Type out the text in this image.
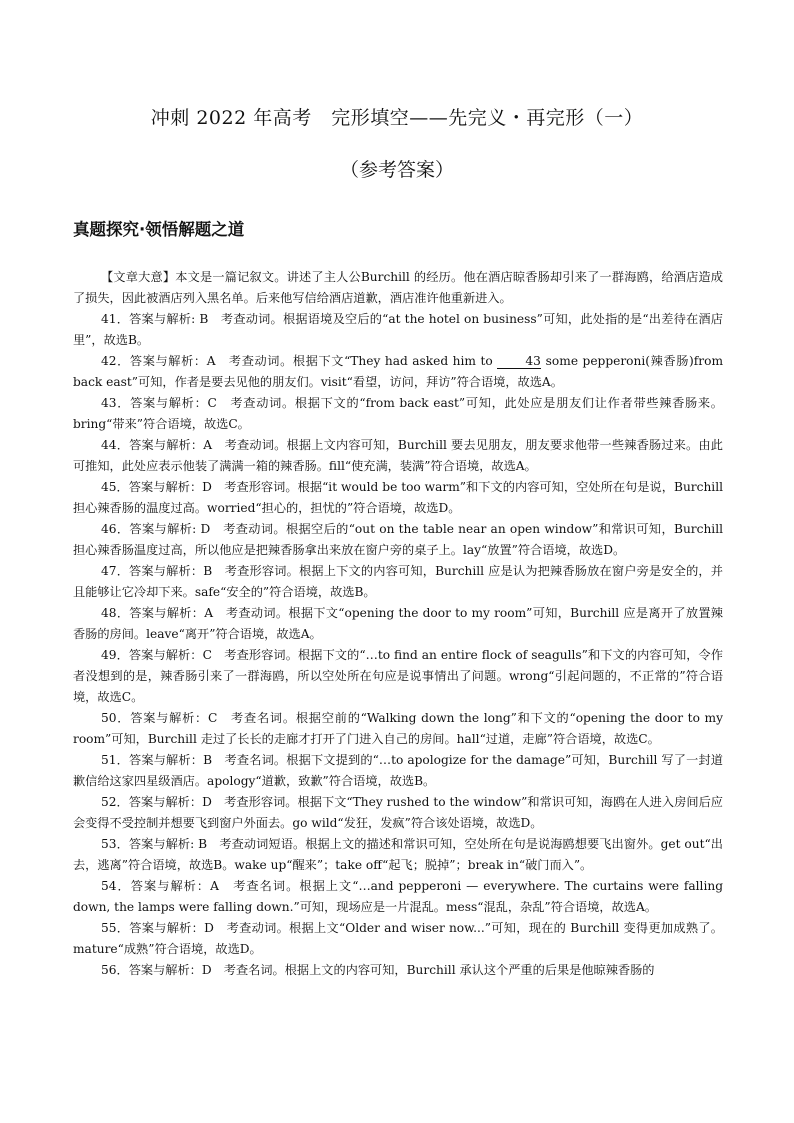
冲刺 2022 年高考　完形填空——先完义・再完形（一）
（参考答案）
真题探究·领悟解题之道

【文章大意】本文是一篇记叙文。讲述了主人公Burchill 的经历。他在酒店晾香肠却引来了一群海鸥，给酒店造成了损失，因此被酒店列入黑名单。后来他写信给酒店道歉，酒店准许他重新进入。

41．答案与解析: B　考查动词。根据语境及空后的“at the hotel on business”可知，此处指的是“出差待在酒店里”，故选B。

42．答案与解析：A　考查动词。根据下文“They had asked him to 43 some pepperoni(辣香肠)from back east”可知，作者是要去见他的朋友们。visit“看望，访问，拜访”符合语境，故选A。

43．答案与解析：C　考查动词。根据下文的“from back east”可知，此处应是朋友们让作者带些辣香肠来。bring“带来”符合语境，故选C。

44．答案与解析：A　考查动词。根据上文内容可知，Burchill 要去见朋友，朋友要求他带一些辣香肠过来。由此可推知，此处应表示他装了满满一箱的辣香肠。fill“使充满，装满”符合语境，故选A。

45．答案与解析：D　考查形容词。根据“it would be too warm”和下文的内容可知，空处所在句是说，Burchill 担心辣香肠的温度过高。worried“担心的，担忧的”符合语境，故选D。

46．答案与解析: D　考查动词。根据空后的“out on the table near an open window”和常识可知，Burchill 担心辣香肠温度过高，所以他应是把辣香肠拿出来放在窗户旁的桌子上。lay“放置”符合语境，故选D。

47．答案与解析：B　考查形容词。根据上下文的内容可知，Burchill 应是认为把辣香肠放在窗户旁是安全的，并且能够让它冷却下来。safe“安全的”符合语境，故选B。

48．答案与解析：A　考查动词。根据下文“opening the door to my room”可知，Burchill 应是离开了放置辣香肠的房间。leave“离开”符合语境，故选A。

49．答案与解析：C　考查形容词。根据下文的“…to find an entire flock of seagulls”和下文的内容可知，令作者没想到的是，辣香肠引来了一群海鸥，所以空处所在句应是说事情出了问题。wrong“引起问题的，不正常的”符合语境，故选C。

50．答案与解析：C　考查名词。根据空前的“Walking down the long”和下文的“opening the door to my room”可知，Burchill 走过了长长的走廊才打开了门进入自己的房间。hall“过道，走廊”符合语境，故选C。

51．答案与解析：B　考查名词。根据下文提到的“…to apologize for the damage”可知，Burchill 写了一封道歉信给这家四星级酒店。apology“道歉，致歉”符合语境，故选B。

52．答案与解析：D　考查形容词。根据下文“They rushed to the window”和常识可知，海鸥在人进入房间后应会变得不受控制并想要飞到窗户外面去。go wild“发狂，发疯”符合该处语境，故选D。

53．答案与解析: B　考查动词短语。根据上文的描述和常识可知，空处所在句是说海鸥想要飞出窗外。get out“出去，逃离”符合语境，故选B。wake up“醒来”；take off“起飞；脱掉”；break in“破门而入”。

54．答案与解析：A　考查名词。根据上文“…and pepperoni — everywhere. The curtains were falling down, the lamps were falling down.”可知，现场应是一片混乱。mess“混乱，杂乱”符合语境，故选A。

55．答案与解析：D　考查动词。根据上文“Older and wiser now...”可知，现在的 Burchill 变得更加成熟了。mature“成熟”符合语境，故选D。

56．答案与解析：D　考查名词。根据上文的内容可知，Burchill 承认这个严重的后果是他晾辣香肠的
